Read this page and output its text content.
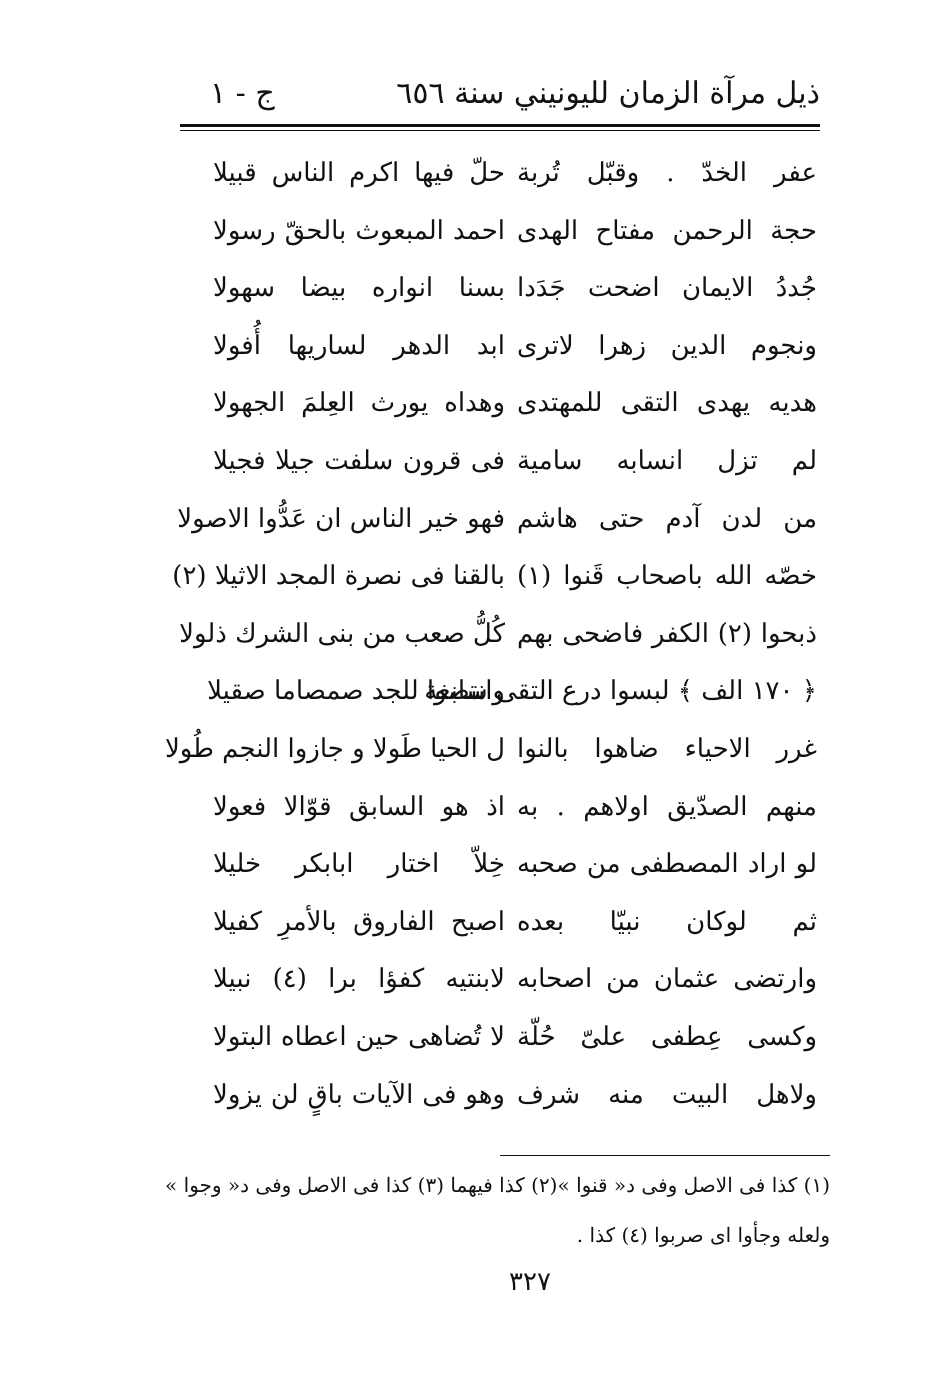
ذيل مرآة الزمان لليونيني سنة ٦٥٦
ج - ١
عفر الخدّ . وقبّل تُربة
حلّ فيها اكرم الناس قبيلا
حجة الرحمن مفتاح الهدى
احمد المبعوث بالحقّ رسولا
جُددُ الايمان اضحت جَدَدا
بسنا انواره بيضا سهولا
ونجوم الدين زهرا لاترى
ابد الدهر لساريها أُفولا
هديه يهدى التقى للمهتدى
وهداه يورث العِلمَ الجهولا
لم تزل انسابه سامية
فى قرون سلفت جيلا فجيلا
من لدن آدم حتى هاشم
فهو خير الناس ان عَدُّوا الاصولا
خصّه الله باصحاب قَنوا (١)
بالقنا فى نصرة المجد الاثيلا (٢)
ذبحوا (٢) الكفر فاضحى بهم
كُلُّ صعب من بنى الشرك ذلولا
﴿ ١٧٠ الف ﴾ لبسوا درع التقى سابغة
وانتضوا للجد صمصاما صقيلا
غرر الاحياء ضاهوا بالنوا
ل الحيا طَولا و جازوا النجم طُولا
منهم الصدّيق اولاهم . به
اذ هو السابق قوّالا فعولا
لو اراد المصطفى من صحبه
خِلاّ اختار ابابكر خليلا
ثم لوكان نبيّا بعده
اصبح الفاروق بالأمرِ كفيلا
وارتضى عثمان من اصحابه
لابنتيه كفؤا برا (٤) نبيلا
وكسى عِطفى علىّ حُلّة
لا تُضاهى حين اعطاه البتولا
ولاهل البيت منه شرف
وهو فى الآيات باقٍ لن يزولا
(١) كذا فى الاصل وفى د« قنوا »(٢) كذا فيهما (٣) كذا فى الاصل وفى د« وجوا »
ولعله وجأوا اى صربوا (٤) كذا .
٣٢٧
